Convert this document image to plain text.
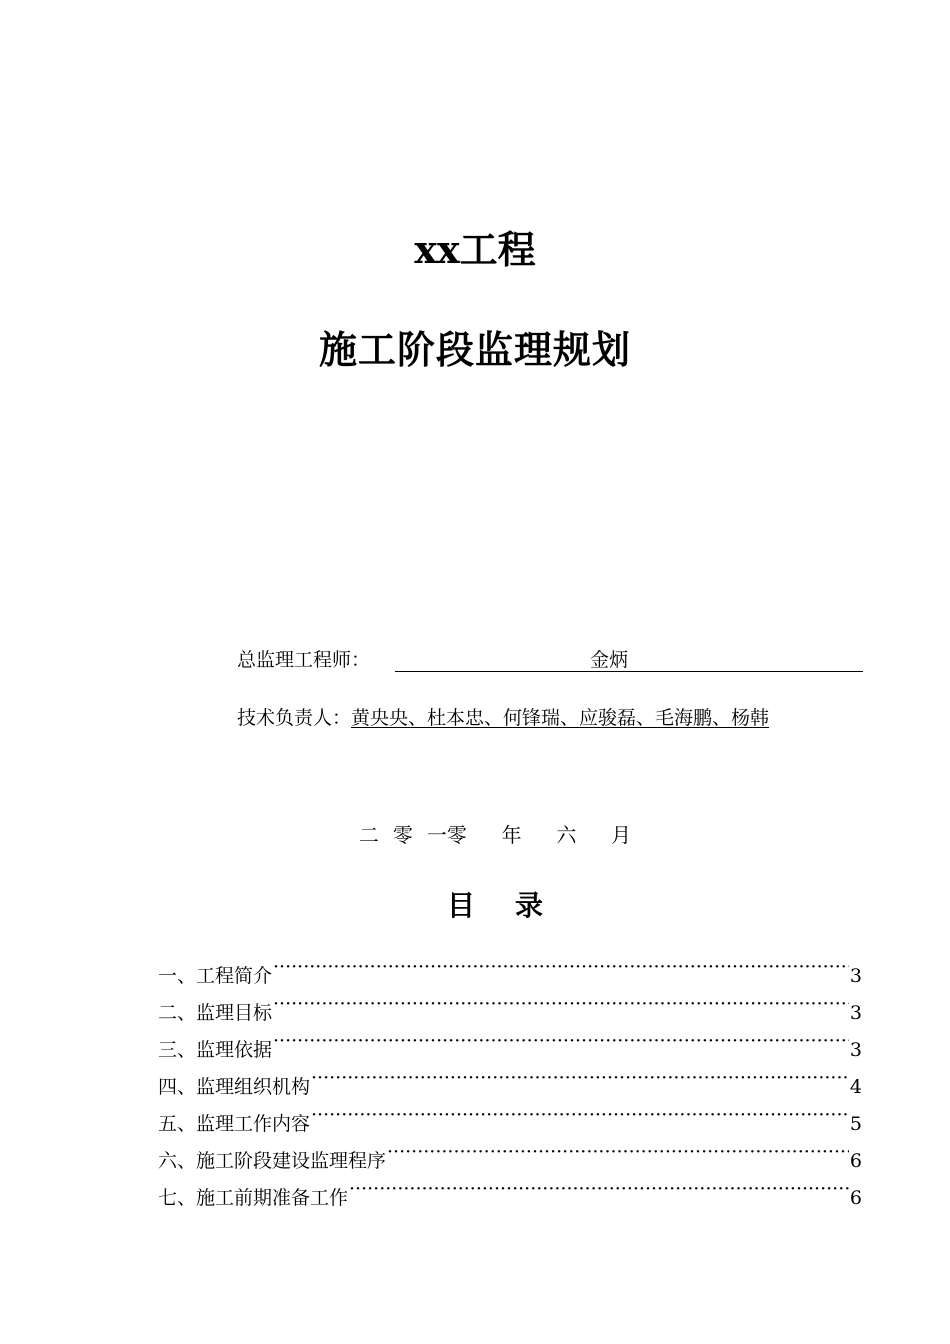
xx工程
施工阶段监理规划
总监理工程师：	金炳
技术负责人：黄央央、杜本忠、何锋瑞、应骏磊、毛海鹏、杨韩
二 零 一零 年 六 月
目 录
一、工程简介 ·····	3
二、监理目标 ·····	3
三、监理依据 ·····	3
四、监理组织机构 ·····	4
五、监理工作内容 ·····	5
六、施工阶段建设监理程序 ·····	6
七、施工前期准备工作 ·····	6
